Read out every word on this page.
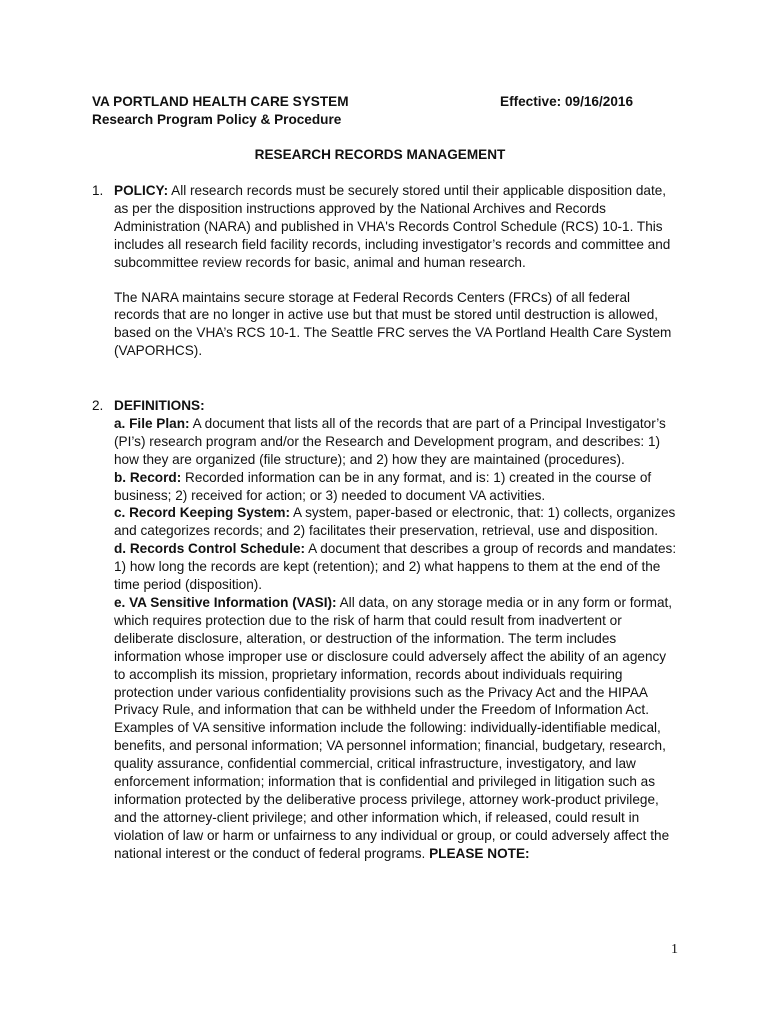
VA PORTLAND HEALTH CARE SYSTEM	Effective: 09/16/2016
Research Program Policy & Procedure
RESEARCH RECORDS MANAGEMENT
1. POLICY: All research records must be securely stored until their applicable disposition date, as per the disposition instructions approved by the National Archives and Records Administration (NARA) and published in VHA's Records Control Schedule (RCS) 10-1. This includes all research field facility records, including investigator’s records and committee and subcommittee review records for basic, animal and human research.

The NARA maintains secure storage at Federal Records Centers (FRCs) of all federal records that are no longer in active use but that must be stored until destruction is allowed, based on the VHA’s RCS 10-1. The Seattle FRC serves the VA Portland Health Care System (VAPORHCS).

2. DEFINITIONS:

a. File Plan: A document that lists all of the records that are part of a Principal Investigator’s (PI’s) research program and/or the Research and Development program, and describes: 1) how they are organized (file structure); and 2) how they are maintained (procedures).

b. Record: Recorded information can be in any format, and is: 1) created in the course of business; 2) received for action; or 3) needed to document VA activities.

c. Record Keeping System: A system, paper-based or electronic, that: 1) collects, organizes and categorizes records; and 2) facilitates their preservation, retrieval, use and disposition.

d. Records Control Schedule: A document that describes a group of records and mandates: 1) how long the records are kept (retention); and 2) what happens to them at the end of the time period (disposition).

e. VA Sensitive Information (VASI): All data, on any storage media or in any form or format, which requires protection due to the risk of harm that could result from inadvertent or deliberate disclosure, alteration, or destruction of the information. The term includes information whose improper use or disclosure could adversely affect the ability of an agency to accomplish its mission, proprietary information, records about individuals requiring protection under various confidentiality provisions such as the Privacy Act and the HIPAA Privacy Rule, and information that can be withheld under the Freedom of Information Act. Examples of VA sensitive information include the following: individually-identifiable medical, benefits, and personal information; VA personnel information; financial, budgetary, research, quality assurance, confidential commercial, critical infrastructure, investigatory, and law enforcement information; information that is confidential and privileged in litigation such as information protected by the deliberative process privilege, attorney work-product privilege, and the attorney-client privilege; and other information which, if released, could result in violation of law or harm or unfairness to any individual or group, or could adversely affect the national interest or the conduct of federal programs. PLEASE NOTE:

1
